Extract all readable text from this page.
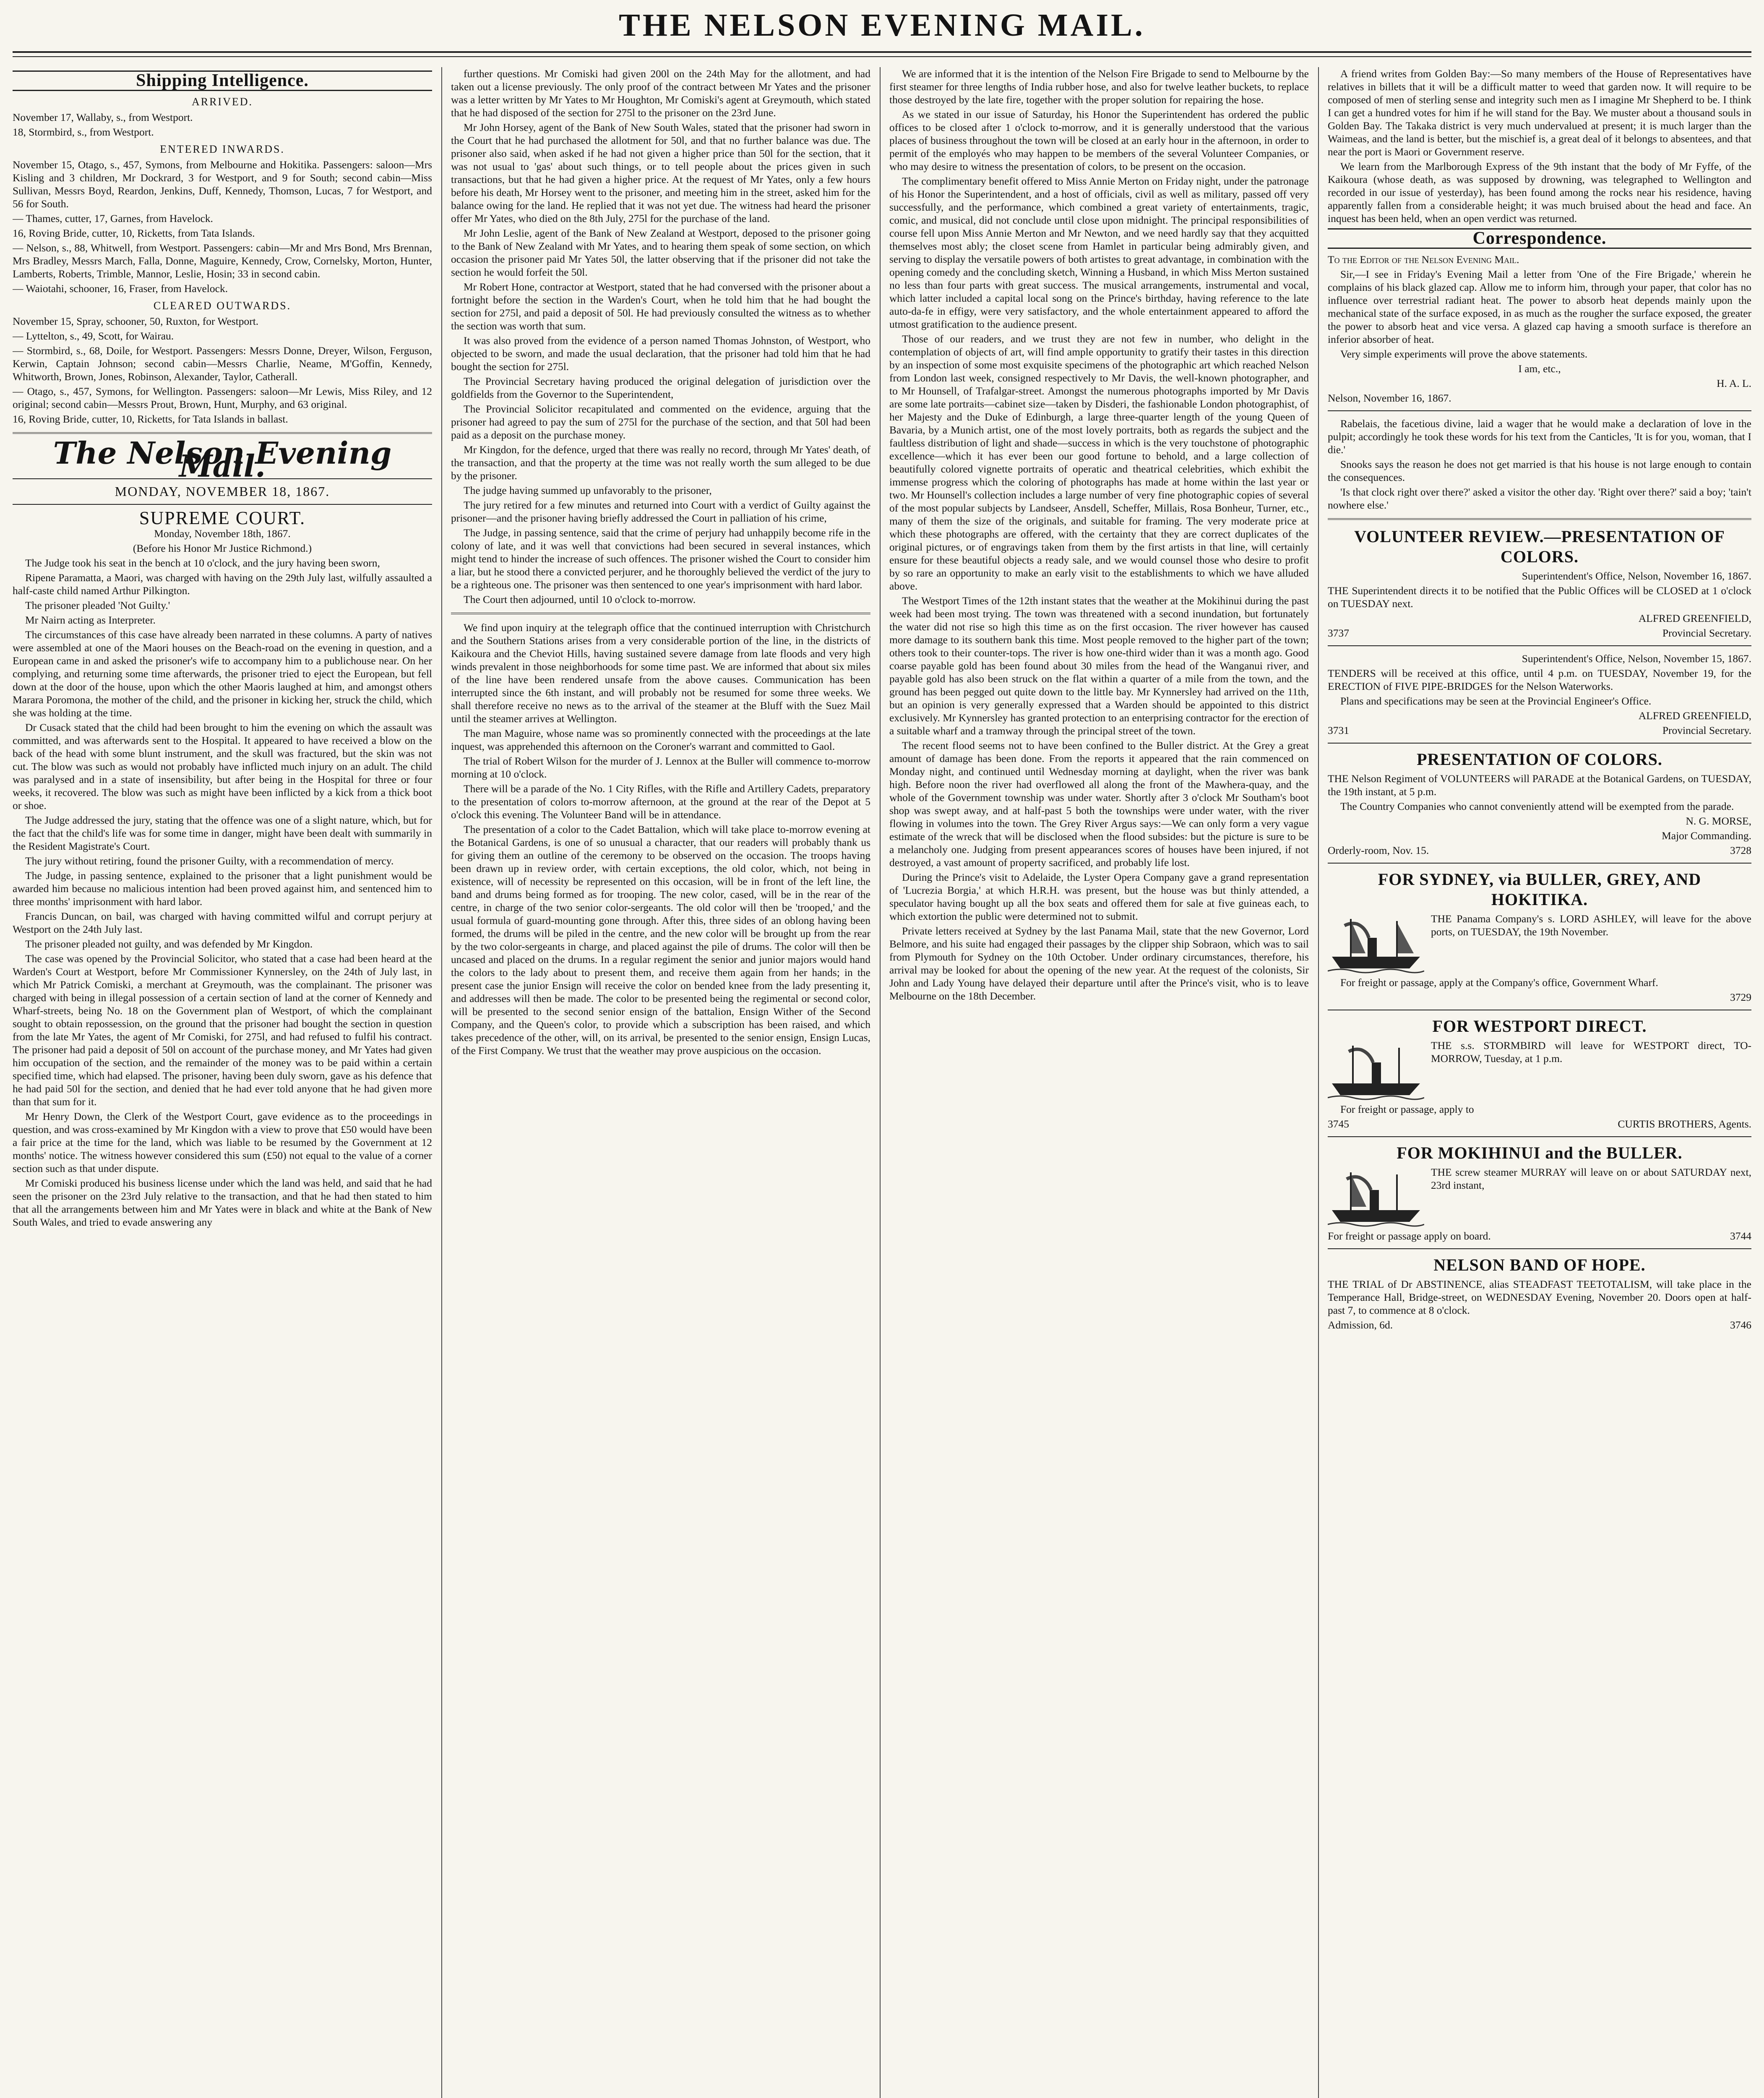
THE NELSON EVENING MAIL.
Shipping Intelligence.
ARRIVED.

November 17, Wallaby, s., from Westport.

18, Stormbird, s., from Westport.

ENTERED INWARDS.

November 15, Otago, s., 457, Symons, from Melbourne and Hokitika. Passengers: saloon—Mrs Kisling and 3 children, Mr Dockrard, 3 for Westport, and 9 for South; second cabin—Miss Sullivan, Messrs Boyd, Reardon, Jenkins, Duff, Kennedy, Thomson, Lucas, 7 for Westport, and 56 for South.

— Thames, cutter, 17, Garnes, from Havelock.

16, Roving Bride, cutter, 10, Ricketts, from Tata Islands.

— Nelson, s., 88, Whitwell, from Westport. Passengers: cabin—Mr and Mrs Bond, Mrs Brennan, Mrs Bradley, Messrs March, Falla, Donne, Maguire, Kennedy, Crow, Cornelsky, Morton, Hunter, Lamberts, Roberts, Trimble, Mannor, Leslie, Hosin; 33 in second cabin.

— Waiotahi, schooner, 16, Fraser, from Havelock.

CLEARED OUTWARDS.

November 15, Spray, schooner, 50, Ruxton, for Westport.

— Lyttelton, s., 49, Scott, for Wairau.

— Stormbird, s., 68, Doile, for Westport. Passengers: Messrs Donne, Dreyer, Wilson, Ferguson, Kerwin, Captain Johnson; second cabin—Messrs Charlie, Neame, M'Goffin, Kennedy, Whitworth, Brown, Jones, Robinson, Alexander, Taylor, Catherall.

— Otago, s., 457, Symons, for Wellington. Passengers: saloon—Mr Lewis, Miss Riley, and 12 original; second cabin—Messrs Prout, Brown, Hunt, Murphy, and 63 original.

16, Roving Bride, cutter, 10, Ricketts, for Tata Islands in ballast.

The Nelson Evening Mail.
MONDAY, NOVEMBER 18, 1867.
SUPREME COURT.

Monday, November 18th, 1867.

(Before his Honor Mr Justice Richmond.)

The Judge took his seat in the bench at 10 o'clock, and the jury having been sworn,

Ripene Paramatta, a Maori, was charged with having on the 29th July last, wilfully assaulted a half-caste child named Arthur Pilkington.

The prisoner pleaded 'Not Guilty.'

Mr Nairn acting as Interpreter.

The circumstances of this case have already been narrated in these columns. A party of natives were assembled at one of the Maori houses on the Beach-road on the evening in question, and a European came in and asked the prisoner's wife to accompany him to a publichouse near. On her complying, and returning some time afterwards, the prisoner tried to eject the European, but fell down at the door of the house, upon which the other Maoris laughed at him, and amongst others Marara Poromona, the mother of the child, and the prisoner in kicking her, struck the child, which she was holding at the time.

Dr Cusack stated that the child had been brought to him the evening on which the assault was committed, and was afterwards sent to the Hospital. It appeared to have received a blow on the back of the head with some blunt instrument, and the skull was fractured, but the skin was not cut. The blow was such as would not probably have inflicted much injury on an adult. The child was paralysed and in a state of insensibility, but after being in the Hospital for three or four weeks, it recovered. The blow was such as might have been inflicted by a kick from a thick boot or shoe.

The Judge addressed the jury, stating that the offence was one of a slight nature, which, but for the fact that the child's life was for some time in danger, might have been dealt with summarily in the Resident Magistrate's Court.

The jury without retiring, found the prisoner Guilty, with a recommendation of mercy.

The Judge, in passing sentence, explained to the prisoner that a light punishment would be awarded him because no malicious intention had been proved against him, and sentenced him to three months' imprisonment with hard labor.

Francis Duncan, on bail, was charged with having committed wilful and corrupt perjury at Westport on the 24th July last.

The prisoner pleaded not guilty, and was defended by Mr Kingdon.

The case was opened by the Provincial Solicitor, who stated that a case had been heard at the Warden's Court at Westport, before Mr Commissioner Kynnersley, on the 24th of July last, in which Mr Patrick Comiski, a merchant at Greymouth, was the complainant. The prisoner was charged with being in illegal possession of a certain section of land at the corner of Kennedy and Wharf-streets, being No. 18 on the Government plan of Westport, of which the complainant sought to obtain repossession, on the ground that the prisoner had bought the section in question from the late Mr Yates, the agent of Mr Comiski, for 275l, and had refused to fulfil his contract. The prisoner had paid a deposit of 50l on account of the purchase money, and Mr Yates had given him occupation of the section, and the remainder of the money was to be paid within a certain specified time, which had elapsed. The prisoner, having been duly sworn, gave as his defence that he had paid 50l for the section, and denied that he had ever told anyone that he had given more than that sum for it.

Mr Henry Down, the Clerk of the Westport Court, gave evidence as to the proceedings in question, and was cross-examined by Mr Kingdon with a view to prove that £50 would have been a fair price at the time for the land, which was liable to be resumed by the Government at 12 months' notice. The witness however considered this sum (£50) not equal to the value of a corner section such as that under dispute.

Mr Comiski produced his business license under which the land was held, and said that he had seen the prisoner on the 23rd July relative to the transaction, and that he had then stated to him that all the arrangements between him and Mr Yates were in black and white at the Bank of New South Wales, and tried to evade answering any

further questions. Mr Comiski had given 200l on the 24th May for the allotment, and had taken out a license previously. The only proof of the contract between Mr Yates and the prisoner was a letter written by Mr Yates to Mr Houghton, Mr Comiski's agent at Greymouth, which stated that he had disposed of the section for 275l to the prisoner on the 23rd June.

Mr John Horsey, agent of the Bank of New South Wales, stated that the prisoner had sworn in the Court that he had purchased the allotment for 50l, and that no further balance was due. The prisoner also said, when asked if he had not given a higher price than 50l for the section, that it was not usual to 'gas' about such things, or to tell people about the prices given in such transactions, but that he had given a higher price. At the request of Mr Yates, only a few hours before his death, Mr Horsey went to the prisoner, and meeting him in the street, asked him for the balance owing for the land. He replied that it was not yet due. The witness had heard the prisoner offer Mr Yates, who died on the 8th July, 275l for the purchase of the land.

Mr John Leslie, agent of the Bank of New Zealand at Westport, deposed to the prisoner going to the Bank of New Zealand with Mr Yates, and to hearing them speak of some section, on which occasion the prisoner paid Mr Yates 50l, the latter observing that if the prisoner did not take the section he would forfeit the 50l.

Mr Robert Hone, contractor at Westport, stated that he had conversed with the prisoner about a fortnight before the section in the Warden's Court, when he told him that he had bought the section for 275l, and paid a deposit of 50l. He had previously consulted the witness as to whether the section was worth that sum.

It was also proved from the evidence of a person named Thomas Johnston, of Westport, who objected to be sworn, and made the usual declaration, that the prisoner had told him that he had bought the section for 275l.

The Provincial Secretary having produced the original delegation of jurisdiction over the goldfields from the Governor to the Superintendent,

The Provincial Solicitor recapitulated and commented on the evidence, arguing that the prisoner had agreed to pay the sum of 275l for the purchase of the section, and that 50l had been paid as a deposit on the purchase money.

Mr Kingdon, for the defence, urged that there was really no record, through Mr Yates' death, of the transaction, and that the property at the time was not really worth the sum alleged to be due by the prisoner.

The judge having summed up unfavorably to the prisoner,

The jury retired for a few minutes and returned into Court with a verdict of Guilty against the prisoner—and the prisoner having briefly addressed the Court in palliation of his crime,

The Judge, in passing sentence, said that the crime of perjury had unhappily become rife in the colony of late, and it was well that convictions had been secured in several instances, which might tend to hinder the increase of such offences. The prisoner wished the Court to consider him a liar, but he stood there a convicted perjurer, and he thoroughly believed the verdict of the jury to be a righteous one. The prisoner was then sentenced to one year's imprisonment with hard labor.

The Court then adjourned, until 10 o'clock to-morrow.

We find upon inquiry at the telegraph office that the continued interruption with Christchurch and the Southern Stations arises from a very considerable portion of the line, in the districts of Kaikoura and the Cheviot Hills, having sustained severe damage from late floods and very high winds prevalent in those neighborhoods for some time past. We are informed that about six miles of the line have been rendered unsafe from the above causes. Communication has been interrupted since the 6th instant, and will probably not be resumed for some three weeks. We shall therefore receive no news as to the arrival of the steamer at the Bluff with the Suez Mail until the steamer arrives at Wellington.

The man Maguire, whose name was so prominently connected with the proceedings at the late inquest, was apprehended this afternoon on the Coroner's warrant and committed to Gaol.

The trial of Robert Wilson for the murder of J. Lennox at the Buller will commence to-morrow morning at 10 o'clock.

There will be a parade of the No. 1 City Rifles, with the Rifle and Artillery Cadets, preparatory to the presentation of colors to-morrow afternoon, at the ground at the rear of the Depot at 5 o'clock this evening. The Volunteer Band will be in attendance.

The presentation of a color to the Cadet Battalion, which will take place to-morrow evening at the Botanical Gardens, is one of so unusual a character, that our readers will probably thank us for giving them an outline of the ceremony to be observed on the occasion. The troops having been drawn up in review order, with certain exceptions, the old color, which, not being in existence, will of necessity be represented on this occasion, will be in front of the left line, the band and drums being formed as for trooping. The new color, cased, will be in the rear of the centre, in charge of the two senior color-sergeants. The old color will then be 'trooped,' and the usual formula of guard-mounting gone through. After this, three sides of an oblong having been formed, the drums will be piled in the centre, and the new color will be brought up from the rear by the two color-sergeants in charge, and placed against the pile of drums. The color will then be uncased and placed on the drums. In a regular regiment the senior and junior majors would hand the colors to the lady about to present them, and receive them again from her hands; in the present case the junior Ensign will receive the color on bended knee from the lady presenting it, and addresses will then be made. The color to be presented being the regimental or second color, will be presented to the second senior ensign of the battalion, Ensign Wither of the Second Company, and the Queen's color, to provide which a subscription has been raised, and which takes precedence of the other, will, on its arrival, be presented to the senior ensign, Ensign Lucas, of the First Company. We trust that the weather may prove auspicious on the occasion.

We are informed that it is the intention of the Nelson Fire Brigade to send to Melbourne by the first steamer for three lengths of India rubber hose, and also for twelve leather buckets, to replace those destroyed by the late fire, together with the proper solution for repairing the hose.

As we stated in our issue of Saturday, his Honor the Superintendent has ordered the public offices to be closed after 1 o'clock to-morrow, and it is generally understood that the various places of business throughout the town will be closed at an early hour in the afternoon, in order to permit of the employés who may happen to be members of the several Volunteer Companies, or who may desire to witness the presentation of colors, to be present on the occasion.

The complimentary benefit offered to Miss Annie Merton on Friday night, under the patronage of his Honor the Superintendent, and a host of officials, civil as well as military, passed off very successfully, and the performance, which combined a great variety of entertainments, tragic, comic, and musical, did not conclude until close upon midnight. The principal responsibilities of course fell upon Miss Annie Merton and Mr Newton, and we need hardly say that they acquitted themselves most ably; the closet scene from Hamlet in particular being admirably given, and serving to display the versatile powers of both artistes to great advantage, in combination with the opening comedy and the concluding sketch, Winning a Husband, in which Miss Merton sustained no less than four parts with great success. The musical arrangements, instrumental and vocal, which latter included a capital local song on the Prince's birthday, having reference to the late auto-da-fe in effigy, were very satisfactory, and the whole entertainment appeared to afford the utmost gratification to the audience present.

Those of our readers, and we trust they are not few in number, who delight in the contemplation of objects of art, will find ample opportunity to gratify their tastes in this direction by an inspection of some most exquisite specimens of the photographic art which reached Nelson from London last week, consigned respectively to Mr Davis, the well-known photographer, and to Mr Hounsell, of Trafalgar-street. Amongst the numerous photographs imported by Mr Davis are some late portraits—cabinet size—taken by Disderi, the fashionable London photographist, of her Majesty and the Duke of Edinburgh, a large three-quarter length of the young Queen of Bavaria, by a Munich artist, one of the most lovely portraits, both as regards the subject and the faultless distribution of light and shade—success in which is the very touchstone of photographic excellence—which it has ever been our good fortune to behold, and a large collection of beautifully colored vignette portraits of operatic and theatrical celebrities, which exhibit the immense progress which the coloring of photographs has made at home within the last year or two. Mr Hounsell's collection includes a large number of very fine photographic copies of several of the most popular subjects by Landseer, Ansdell, Scheffer, Millais, Rosa Bonheur, Turner, etc., many of them the size of the originals, and suitable for framing. The very moderate price at which these photographs are offered, with the certainty that they are correct duplicates of the original pictures, or of engravings taken from them by the first artists in that line, will certainly ensure for these beautiful objects a ready sale, and we would counsel those who desire to profit by so rare an opportunity to make an early visit to the establishments to which we have alluded above.

The Westport Times of the 12th instant states that the weather at the Mokihinui during the past week had been most trying. The town was threatened with a second inundation, but fortunately the water did not rise so high this time as on the first occasion. The river however has caused more damage to its southern bank this time. Most people removed to the higher part of the town; others took to their counter-tops. The river is how one-third wider than it was a month ago. Good coarse payable gold has been found about 30 miles from the head of the Wanganui river, and payable gold has also been struck on the flat within a quarter of a mile from the town, and the ground has been pegged out quite down to the little bay. Mr Kynnersley had arrived on the 11th, but an opinion is very generally expressed that a Warden should be appointed to this district exclusively. Mr Kynnersley has granted protection to an enterprising contractor for the erection of a suitable wharf and a tramway through the principal street of the town.

The recent flood seems not to have been confined to the Buller district. At the Grey a great amount of damage has been done. From the reports it appeared that the rain commenced on Monday night, and continued until Wednesday morning at daylight, when the river was bank high. Before noon the river had overflowed all along the front of the Mawhera-quay, and the whole of the Government township was under water. Shortly after 3 o'clock Mr Southam's boot shop was swept away, and at half-past 5 both the townships were under water, with the river flowing in volumes into the town. The Grey River Argus says:—We can only form a very vague estimate of the wreck that will be disclosed when the flood subsides: but the picture is sure to be a melancholy one. Judging from present appearances scores of houses have been injured, if not destroyed, a vast amount of property sacrificed, and probably life lost.

During the Prince's visit to Adelaide, the Lyster Opera Company gave a grand representation of 'Lucrezia Borgia,' at which H.R.H. was present, but the house was but thinly attended, a speculator having bought up all the box seats and offered them for sale at five guineas each, to which extortion the public were determined not to submit.

Private letters received at Sydney by the last Panama Mail, state that the new Governor, Lord Belmore, and his suite had engaged their passages by the clipper ship Sobraon, which was to sail from Plymouth for Sydney on the 10th October. Under ordinary circumstances, therefore, his arrival may be looked for about the opening of the new year. At the request of the colonists, Sir John and Lady Young have delayed their departure until after the Prince's visit, who is to leave Melbourne on the 18th December.

A friend writes from Golden Bay:—So many members of the House of Representatives have relatives in billets that it will be a difficult matter to weed that garden now. It will require to be composed of men of sterling sense and integrity such men as I imagine Mr Shepherd to be. I think I can get a hundred votes for him if he will stand for the Bay. We muster about a thousand souls in Golden Bay. The Takaka district is very much undervalued at present; it is much larger than the Waimeas, and the land is better, but the mischief is, a great deal of it belongs to absentees, and that near the port is Maori or Government reserve.

We learn from the Marlborough Express of the 9th instant that the body of Mr Fyffe, of the Kaikoura (whose death, as was supposed by drowning, was telegraphed to Wellington and recorded in our issue of yesterday), has been found among the rocks near his residence, having apparently fallen from a considerable height; it was much bruised about the head and face. An inquest has been held, when an open verdict was returned.

Correspondence.

To the Editor of the Nelson Evening Mail.

Sir,—I see in Friday's Evening Mail a letter from 'One of the Fire Brigade,' wherein he complains of his black glazed cap. Allow me to inform him, through your paper, that color has no influence over terrestrial radiant heat. The power to absorb heat depends mainly upon the mechanical state of the surface exposed, in as much as the rougher the surface exposed, the greater the power to absorb heat and vice versa. A glazed cap having a smooth surface is therefore an inferior absorber of heat.

Very simple experiments will prove the above statements.

I am, etc.,

H. A. L.

Nelson, November 16, 1867.

Rabelais, the facetious divine, laid a wager that he would make a declaration of love in the pulpit; accordingly he took these words for his text from the Canticles, 'It is for you, woman, that I die.'

Snooks says the reason he does not get married is that his house is not large enough to contain the consequences.

'Is that clock right over there?' asked a visitor the other day. 'Right over there?' said a boy; 'tain't nowhere else.'

VOLUNTEER REVIEW.—PRESENTATION OF COLORS.

Superintendent's Office, Nelson, November 16, 1867.

THE Superintendent directs it to be notified that the Public Offices will be CLOSED at 1 o'clock on TUESDAY next.

ALFRED GREENFIELD,

3737	Provincial Secretary.

Superintendent's Office, Nelson, November 15, 1867.

TENDERS will be received at this office, until 4 p.m. on TUESDAY, November 19, for the ERECTION of FIVE PIPE-BRIDGES for the Nelson Waterworks.

Plans and specifications may be seen at the Provincial Engineer's Office.

ALFRED GREENFIELD,

3731	Provincial Secretary.
PRESENTATION OF COLORS.

THE Nelson Regiment of VOLUNTEERS will PARADE at the Botanical Gardens, on TUESDAY, the 19th instant, at 5 p.m.

The Country Companies who cannot conveniently attend will be exempted from the parade.

N. G. MORSE,

Major Commanding.

Orderly-room, Nov. 15.	3728
FOR SYDNEY, via BULLER, GREY, AND HOKITIKA.

THE Panama Company's s. LORD ASHLEY, will leave for the above ports, on TUESDAY, the 19th November.

For freight or passage, apply at the Company's office, Government Wharf.

3729

FOR WESTPORT DIRECT.

THE s.s. STORMBIRD will leave for WESTPORT direct, TO-MORROW, Tuesday, at 1 p.m.

For freight or passage, apply to

3745	CURTIS BROTHERS, Agents.
FOR MOKIHINUI and the BULLER.

THE screw steamer MURRAY will leave on or about SATURDAY next, 23rd instant,

For freight or passage apply on board.	3744
NELSON BAND OF HOPE.

THE TRIAL of Dr ABSTINENCE, alias STEADFAST TEETOTALISM, will take place in the Temperance Hall, Bridge-street, on WEDNESDAY Evening, November 20. Doors open at half-past 7, to commence at 8 o'clock.

Admission, 6d.	3746
